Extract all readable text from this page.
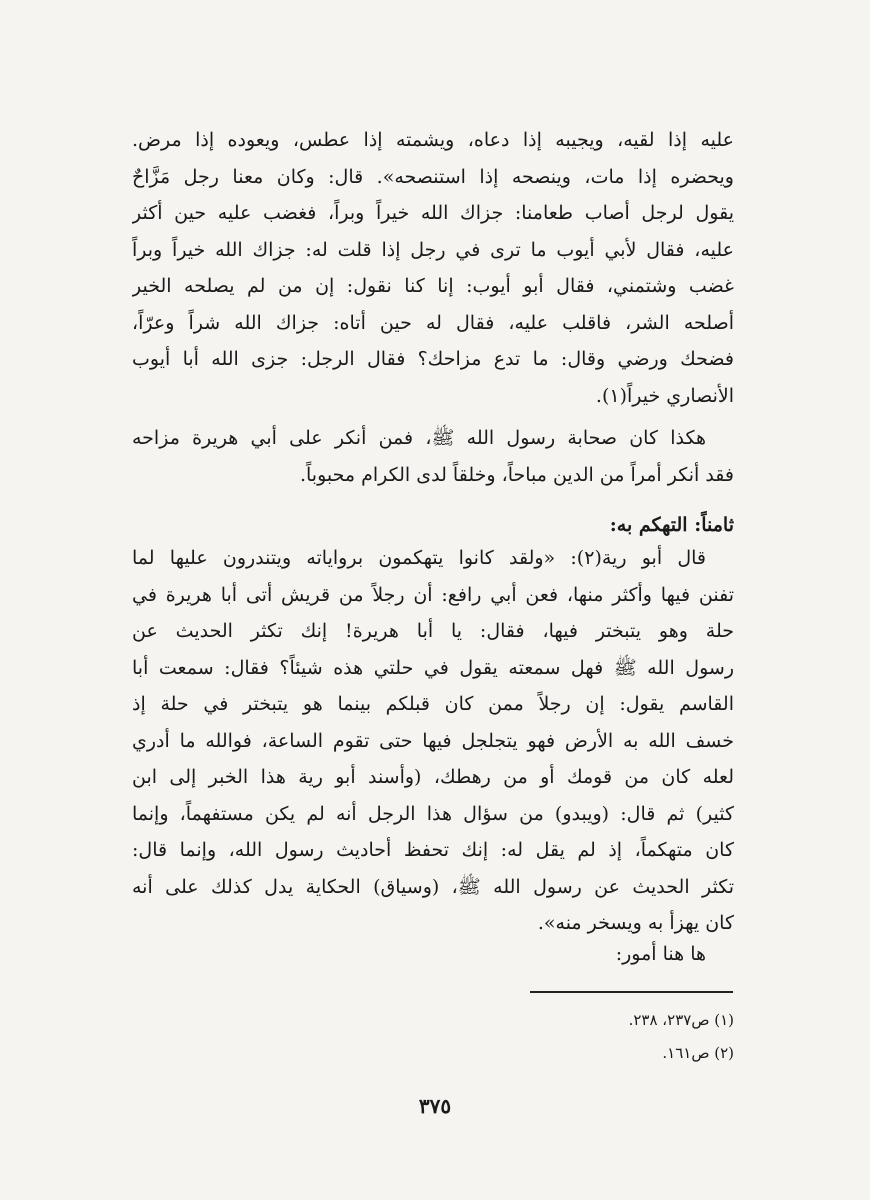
عليه إذا لقيه، ويجيبه إذا دعاه، ويشمته إذا عطس، ويعوده إذا مرض.
ويحضره إذا مات، وينصحه إذا استنصحه». قال: وكان معنا رجل مَزَّاحٌ
يقول لرجل أصاب طعامنا: جزاك الله خيراً وبراً، فغضب عليه حين أكثر
عليه، فقال لأبي أيوب ما ترى في رجل إذا قلت له: جزاك الله خيراً وبراً
غضب وشتمني، فقال أبو أيوب: إنا كنا نقول: إن من لم يصلحه الخير
أصلحه الشر، فاقلب عليه، فقال له حين أتاه: جزاك الله شراً وعرّاً،
فضحك ورضي وقال: ما تدع مزاحك؟ فقال الرجل: جزى الله أبا أيوب
الأنصاري خيراً(١).
هكذا كان صحابة رسول الله ﷺ، فمن أنكر على أبي هريرة مزاحه
فقد أنكر أمراً من الدين مباحاً، وخلقاً لدى الكرام محبوباً.
ثامناً: التهكم به:
قال أبو رية(٢): «ولقد كانوا يتهكمون برواياته ويتندرون عليها لما
تفنن فيها وأكثر منها، فعن أبي رافع: أن رجلاً من قريش أتى أبا هريرة في
حلة وهو يتبختر فيها، فقال: يا أبا هريرة! إنك تكثر الحديث عن
رسول الله ﷺ فهل سمعته يقول في حلتي هذه شيئاً؟ فقال: سمعت أبا
القاسم يقول: إن رجلاً ممن كان قبلكم بينما هو يتبختر في حلة إذ
خسف الله به الأرض فهو يتجلجل فيها حتى تقوم الساعة، فوالله ما أدري
لعله كان من قومك أو من رهطك، (وأسند أبو رية هذا الخبر إلى ابن
كثير) ثم قال: (ويبدو) من سؤال هذا الرجل أنه لم يكن مستفهماً، وإنما
كان متهكماً، إذ لم يقل له: إنك تحفظ أحاديث رسول الله، وإنما قال:
تكثر الحديث عن رسول الله ﷺ، (وسياق) الحكاية يدل كذلك على أنه
كان يهزأ به ويسخر منه».
ها هنا أمور:
(١) ص٢٣٧، ٢٣٨.
(٢) ص١٦١.
٣٧٥
